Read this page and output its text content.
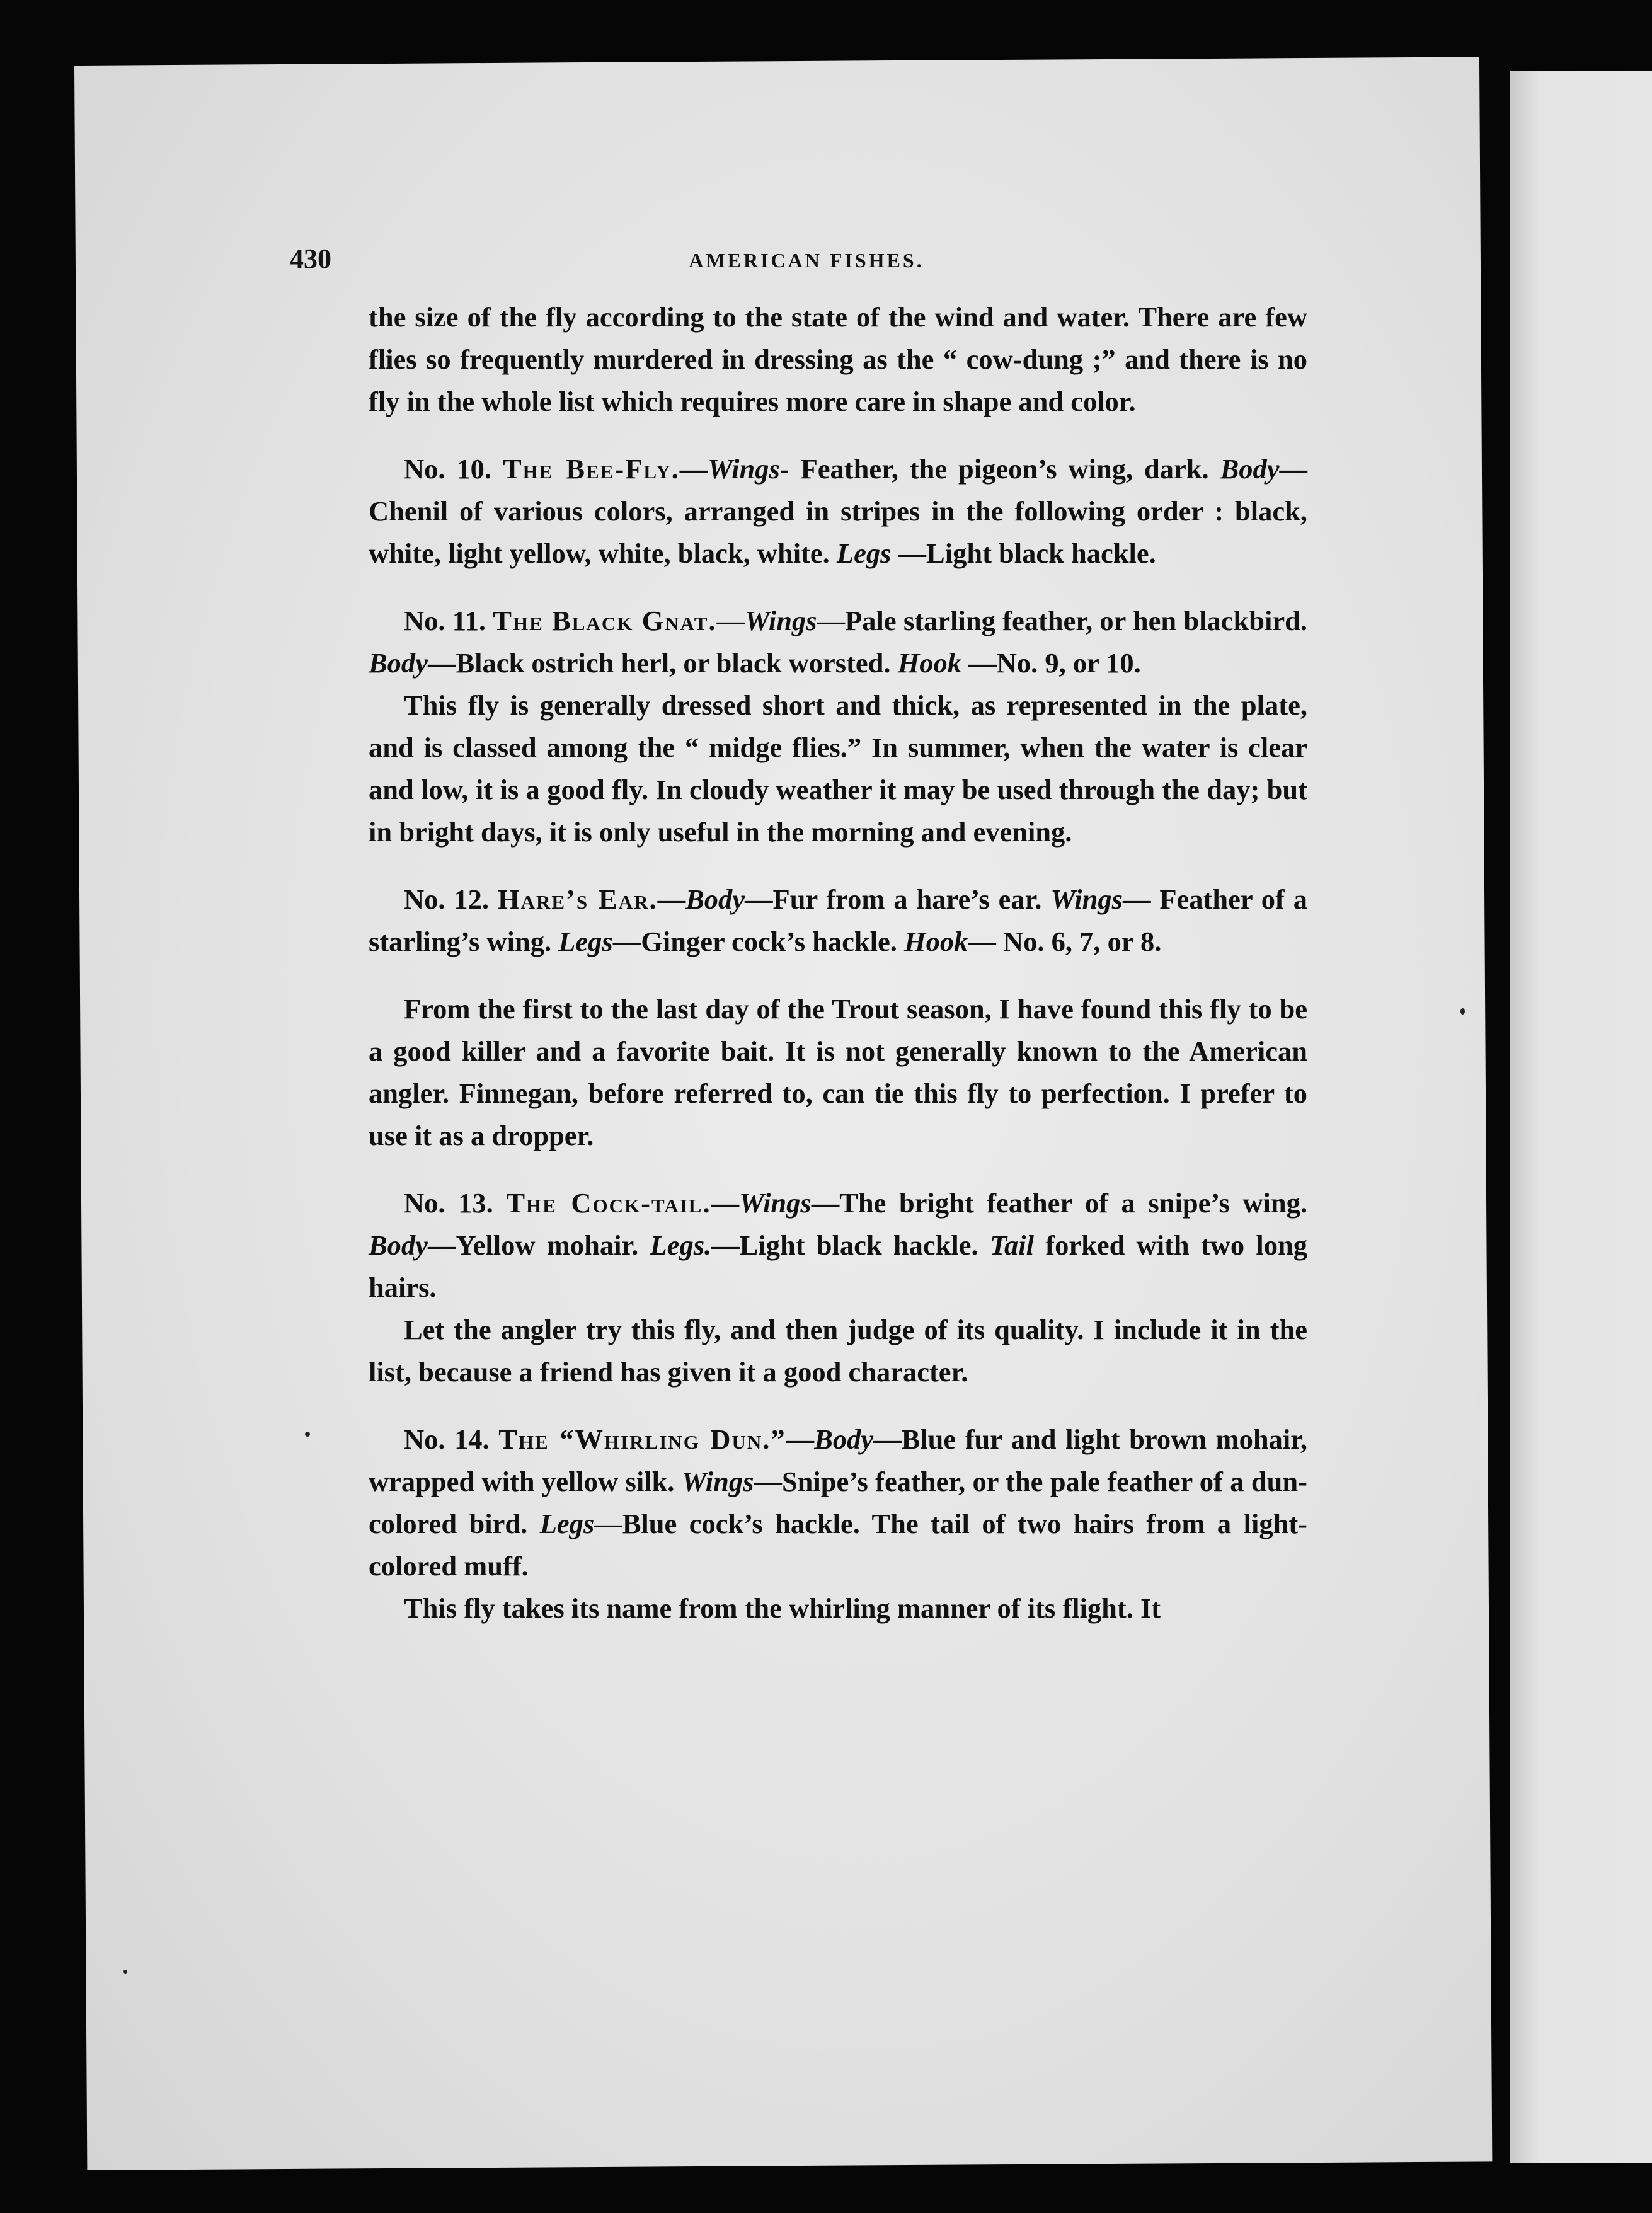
430	AMERICAN FISHES.

the size of the fly according to the state of the wind and water. There are few flies so frequently murdered in dressing as the “ cow-dung ;” and there is no fly in the whole list which requires more care in shape and color.

No. 10. The Bee-Fly.—Wings- Feather, the pigeon’s wing, dark. Body—Chenil of various colors, arranged in stripes in the following order : black, white, light yellow, white, black, white. Legs —Light black hackle.

No. 11. The Black Gnat.—Wings—Pale starling feather, or hen blackbird. Body—Black ostrich herl, or black worsted. Hook —No. 9, or 10.

This fly is generally dressed short and thick, as represented in the plate, and is classed among the “ midge flies.” In summer, when the water is clear and low, it is a good fly. In cloudy weather it may be used through the day; but in bright days, it is only useful in the morning and evening.

No. 12. Hare’s Ear.—Body—Fur from a hare’s ear. Wings— Feather of a starling’s wing. Legs—Ginger cock’s hackle. Hook— No. 6, 7, or 8.

From the first to the last day of the Trout season, I have found this fly to be a good killer and a favorite bait. It is not generally known to the American angler. Finnegan, before referred to, can tie this fly to perfection. I prefer to use it as a dropper.

No. 13. The Cock-tail.—Wings—The bright feather of a snipe’s wing. Body—Yellow mohair. Legs.—Light black hackle. Tail forked with two long hairs.

Let the angler try this fly, and then judge of its quality. I include it in the list, because a friend has given it a good character.

No. 14. The “Whirling Dun.”—Body—Blue fur and light brown mohair, wrapped with yellow silk. Wings—Snipe’s feather, or the pale feather of a dun-colored bird. Legs—Blue cock’s hackle. The tail of two hairs from a light-colored muff.

This fly takes its name from the whirling manner of its flight. It
